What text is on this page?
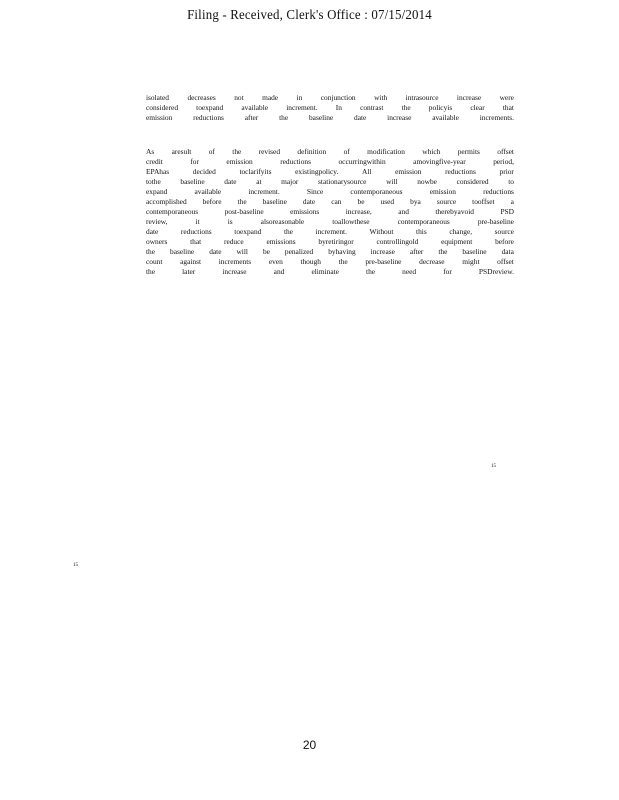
Filing - Received, Clerk's Office : 07/15/2014
isolated decreases not made in conjunction with intrasource increase were
considered toexpand available increment. In contrast the policyis clear that
emission	reductions	after	the	baseline	date	increase	available	increments.
As aresult of the revised definition of modification which permits offset
credit	for	emission	reductions	occurringwithin	amovingfive-year	period,
EPAhas	decided	toclarifyits	existingpolicy.	All	emission	reductions	prior
tothe	baseline	date	at	major	stationarysource	will	nowbe	considered	to
expand	available	increment.	Since	contemporaneous	emission	reductions
accomplished before the baseline date can be used bya source tooffset a
contemporaneous	post-baseline	emissions	increase,	and	therebyavoid	PSD
review,	it	is	alsoreasonable	toallowthese	contemporaneous	pre-baseline
date	reductions	toexpand	the	increment.	Without	this	change,	source
owners	that	reduce	emissions	byretiringor	controllingold	equipment	before
the baseline date will be penalized byhaving increase after the baseline data
count against increments even though the pre-baseline decrease might offset
the	later	increase	and	eliminate	the	need	for	PSDreview.
15
15
20
